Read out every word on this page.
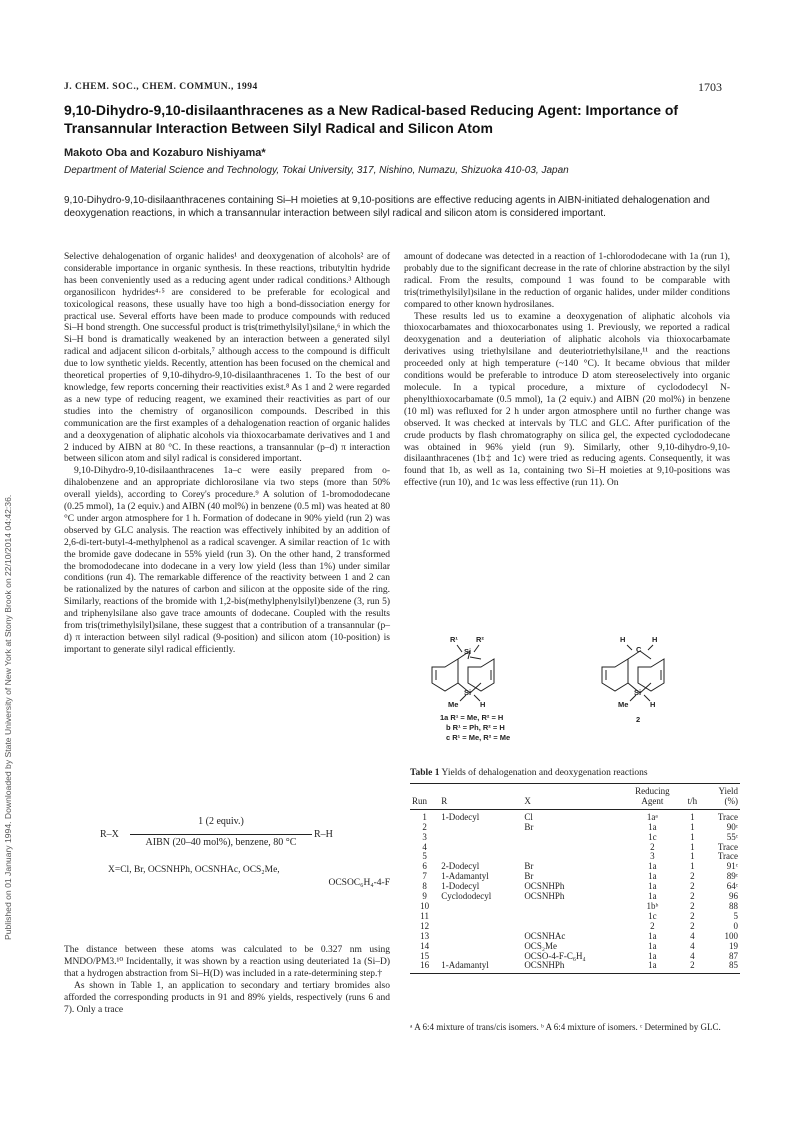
Published on 01 January 1994. Downloaded by State University of New York at Stony Brook on 22/10/2014 04:42:36.
J. CHEM. SOC., CHEM. COMMUN., 1994	1703
9,10-Dihydro-9,10-disilaanthracenes as a New Radical-based Reducing Agent: Importance of Transannular Interaction Between Silyl Radical and Silicon Atom
Makoto Oba and Kozaburo Nishiyama*
Department of Material Science and Technology, Tokai University, 317, Nishino, Numazu, Shizuoka 410-03, Japan
9,10-Dihydro-9,10-disilaanthracenes containing Si–H moieties at 9,10-positions are effective reducing agents in AIBN-initiated dehalogenation and deoxygenation reactions, in which a transannular interaction between silyl radical and silicon atom is considered important.

Selective dehalogenation of organic halides¹ and deoxygenation of alcohols² are of considerable importance in organic synthesis. In these reactions, tributyltin hydride has been conveniently used as a reducing agent under radical conditions.³ Although organosilicon hydrides⁴·⁵ are considered to be preferable for ecological and toxicological reasons, these usually have too high a bond-dissociation energy for practical use. Several efforts have been made to produce compounds with reduced Si–H bond strength. One successful product is tris(trimethylsilyl)silane,⁶ in which the Si–H bond is dramatically weakened by an interaction between a generated silyl radical and adjacent silicon d-orbitals,⁷ although access to the compound is difficult due to low synthetic yields. Recently, attention has been focused on the chemical and theoretical properties of 9,10-dihydro-9,10-disilaanthracenes 1. To the best of our knowledge, few reports concerning their reactivities exist.⁸ As 1 and 2 were regarded as a new type of reducing reagent, we examined their reactivities as part of our studies into the chemistry of organosilicon compounds. Described in this communication are the first examples of a dehalogenation reaction of organic halides and a deoxygenation of aliphatic alcohols via thioxocarbamate derivatives and 1 and 2 induced by AIBN at 80 °C. In these reactions, a transannular (p–d) π interaction between silicon atom and silyl radical is considered important.

9,10-Dihydro-9,10-disilaanthracenes 1a–c were easily prepared from o-dihalobenzene and an appropriate dichlorosilane via two steps (more than 50% overall yields), according to Corey's procedure.⁹ A solution of 1-bromododecane (0.25 mmol), 1a (2 equiv.) and AIBN (40 mol%) in benzene (0.5 ml) was heated at 80 °C under argon atmosphere for 1 h. Formation of dodecane in 90% yield (run 2) was observed by GLC analysis. The reaction was effectively inhibited by an addition of 2,6-di-tert-butyl-4-methylphenol as a radical scavenger. A similar reaction of 1c with the bromide gave dodecane in 55% yield (run 3). On the other hand, 2 transformed the bromododecane into dodecane in a very low yield (less than 1%) under similar conditions (run 4). The remarkable difference of the reactivity between 1 and 2 can be rationalized by the natures of carbon and silicon at the opposite side of the ring. Similarly, reactions of the bromide with 1,2-bis(methylphenylsilyl)benzene (3, run 5) and triphenylsilane also gave trace amounts of dodecane. Coupled with the results from tris(trimethylsilyl)silane, these suggest that a contribution of a transannular (p–d) π interaction between silyl radical (9-position) and silicon atom (10-position) is important to generate silyl radical efficiently.

R–X
1 (2 equiv.)
AIBN (20–40 mol%), benzene, 80 °C
R–H
X=Cl, Br, OCSNHPh, OCSNHAc, OCS₂Me,
OCSOC₆H₄-4-F

The distance between these atoms was calculated to be 0.327 nm using MNDO/PM3.¹⁰ Incidentally, it was shown by a reaction using deuteriated 1a (Si–D) that a hydrogen abstraction from Si–H(D) was included in a rate-determining step.†

As shown in Table 1, an application to secondary and tertiary bromides also afforded the corresponding products in 91 and 89% yields, respectively (runs 6 and 7). Only a trace

amount of dodecane was detected in a reaction of 1-chlorododecane with 1a (run 1), probably due to the significant decrease in the rate of chlorine abstraction by the silyl radical. From the results, compound 1 was found to be comparable with tris(trimethylsilyl)silane in the reduction of organic halides, under milder conditions compared to other known hydrosilanes.

These results led us to examine a deoxygenation of aliphatic alcohols via thioxocarbamates and thioxocarbonates using 1. Previously, we reported a radical deoxygenation and a deuteriation of aliphatic alcohols via thioxocarbamate derivatives using triethylsilane and deuteriotriethylsilane,¹¹ and the reactions proceeded only at high temperature (~140 °C). It became obvious that milder conditions would be preferable to introduce D atom stereoselectively into organic molecule. In a typical procedure, a mixture of cyclododecyl N-phenylthioxocarbamate (0.5 mmol), 1a (2 equiv.) and AIBN (20 mol%) in benzene (10 ml) was refluxed for 2 h under argon atmosphere until no further change was observed. It was checked at intervals by TLC and GLC. After purification of the crude products by flash chromatography on silica gel, the expected cyclododecane was obtained in 96% yield (run 9). Similarly, other 9,10-dihydro-9,10-disilaanthracenes (1b‡ and 1c) were tried as reducing agents. Consequently, it was found that 1b, as well as 1a, containing two Si–H moieties at 9,10-positions was effective (run 10), and 1c was less effective (run 11). On

R¹ R²
Si
Si
Me	H
1a R¹ = Me, R² = H
b R¹ = Ph, R² = H
c R¹ = Me, R² = Me
H
C
H
Si
Me	H
2
Table 1 Yields of dehalogenation and deoxygenation reactions
			Reducing		Yield
Run	R	X	Agent	t/h	(%)
1	1-Dodecyl	Cl	1aᵃ	1	Trace
2		Br	1a	1	90ᶜ
3			1c	1	55ᶜ
4			2	1	Trace
5			3	1	Trace
6	2-Dodecyl	Br	1a	1	91ᶜ
7	1-Adamantyl	Br	1a	2	89ᶜ
8	1-Dodecyl	OCSNHPh	1a	2	64ᶜ
9	Cyclododecyl	OCSNHPh	1a	2	96
10			1bᵇ	2	88
11			1c	2	5
12			2	2	0
13		OCSNHAc	1a	4	100
14		OCS₂Me	1a	4	19
15		OCSO-4-F-C₆H₄	1a	4	87
16	1-Adamantyl	OCSNHPh	1a	2	85
ᵃ A 6:4 mixture of trans/cis isomers. ᵇ A 6:4 mixture of isomers. ᶜ Determined by GLC.
